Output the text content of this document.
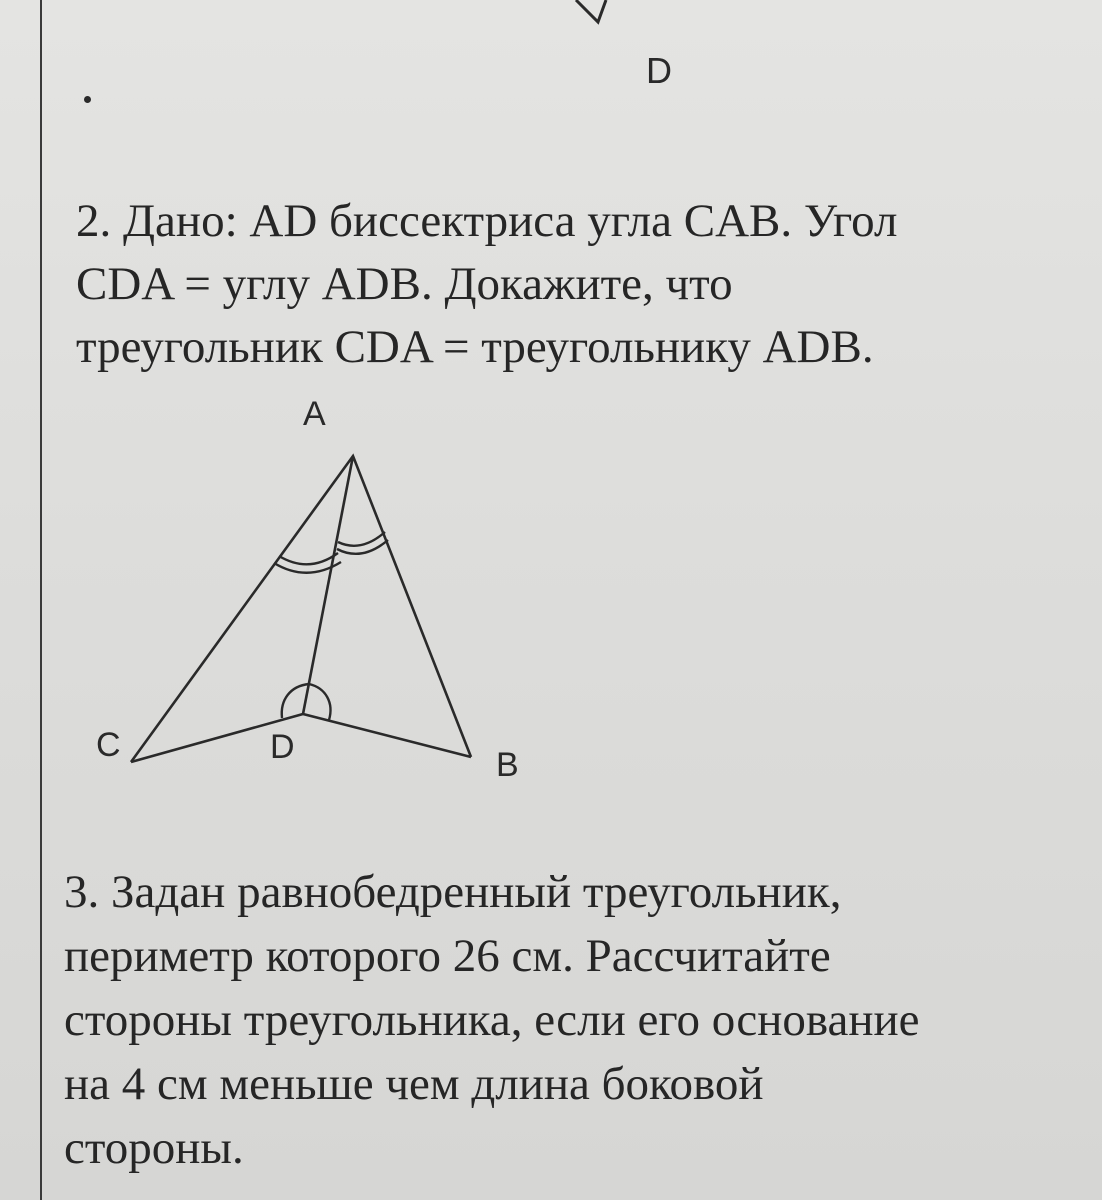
D

2. Дано: AD биссектриса угла CAB. Угол
CDA = углу ADB. Докажите, что
треугольник CDA = треугольнику ADB.

A
C	D	B

3. Задан равнобедренный треугольник,
периметр которого 26 см. Рассчитайте
стороны треугольника, если его основание
на 4 см меньше чем длина боковой
стороны.
